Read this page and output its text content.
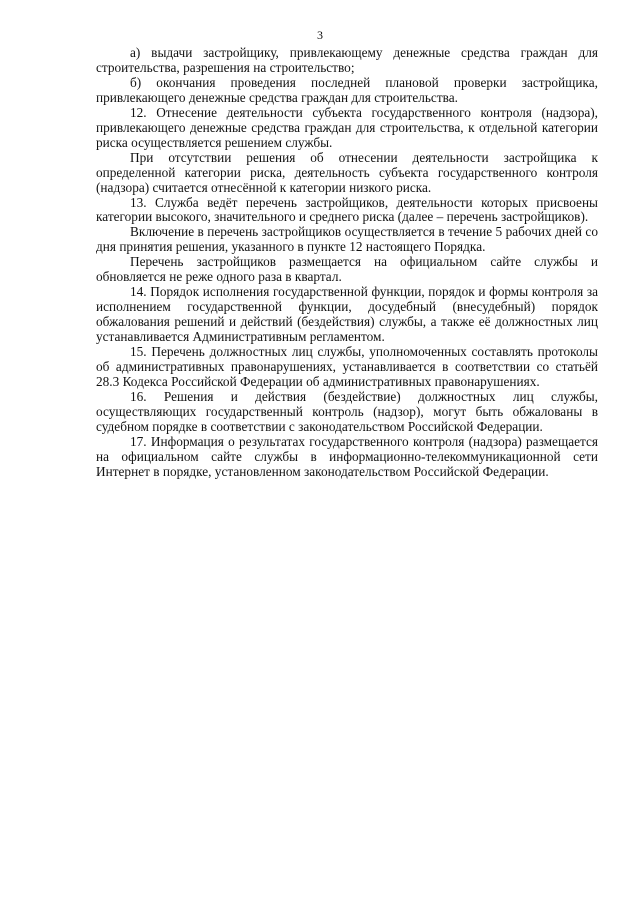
3

а) выдачи застройщику, привлекающему денежные средства граждан для строительства, разрешения на строительство;

б) окончания проведения последней плановой проверки застройщика, привлекающего денежные средства граждан для строительства.

12. Отнесение деятельности субъекта государственного контроля (надзора), привлекающего денежные средства граждан для строительства, к отдельной категории риска осуществляется решением службы.

При отсутствии решения об отнесении деятельности застройщика к определенной категории риска, деятельность субъекта государственного контроля (надзора) считается отнесённой к категории низкого риска.

13. Служба ведёт перечень застройщиков, деятельности которых присвоены категории высокого, значительного и среднего риска (далее – перечень застройщиков).

Включение в перечень застройщиков осуществляется в течение 5 рабочих дней со дня принятия решения, указанного в пункте 12 настоящего Порядка.

Перечень застройщиков размещается на официальном сайте службы и обновляется не реже одного раза в квартал.

14. Порядок исполнения государственной функции, порядок и формы контроля за исполнением государственной функции, досудебный (внесудебный) порядок обжалования решений и действий (бездействия) службы, а также её должностных лиц устанавливается Административным регламентом.

15. Перечень должностных лиц службы, уполномоченных составлять протоколы об административных правонарушениях, устанавливается в соответствии со статьёй 28.3 Кодекса Российской Федерации об административных правонарушениях.

16. Решения и действия (бездействие) должностных лиц службы, осуществляющих государственный контроль (надзор), могут быть обжалованы в судебном порядке в соответствии с законодательством Российской Федерации.

17. Информация о результатах государственного контроля (надзора) размещается на официальном сайте службы в информационно-телекоммуникационной сети Интернет в порядке, установленном законодательством Российской Федерации.
